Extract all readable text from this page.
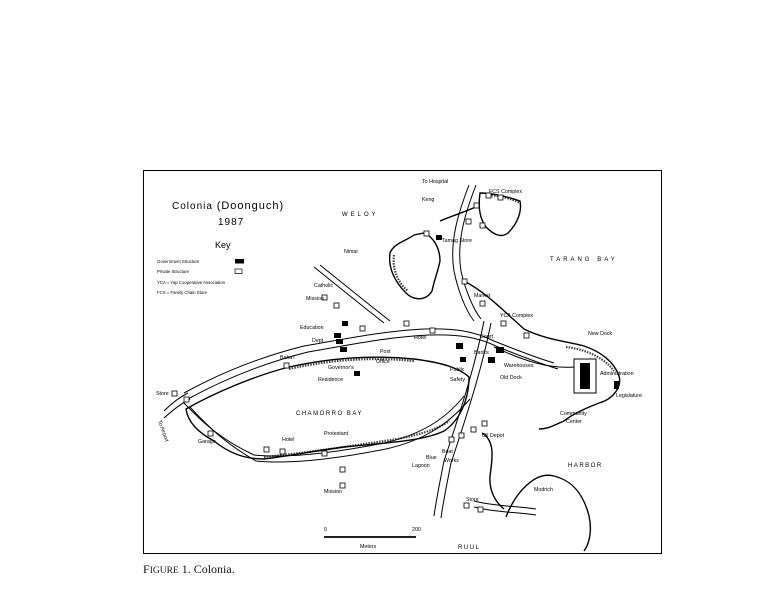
Colonia (Doonguch)
1987
Key
Government Structure
Private Structure
YCA = Yap Cooperative Association
FCS = Family Chain Store
WELOY
TARANG BAY
CHAMORRO BAY
HARBOR
RUUL
To Hospital
FCS Complex
Keng
Tamag Store
Nimar
Catholic
Mission	Market
YCA Complex
New Dock
Education
Dept.	Hotel	Court
Banks
Warehouses
Old Dock
Administration
Legislature
Community
Center
Baha'i
Post
Office
Governor's
Residence
Public
Safety
Store
To Airport	Garage	Hotel
Protestant	Oil Depot
Boat
Works
Blue
Lagoon
Mission
Store
Modrich
0	200
Meters
FIGURE 1. Colonia.
